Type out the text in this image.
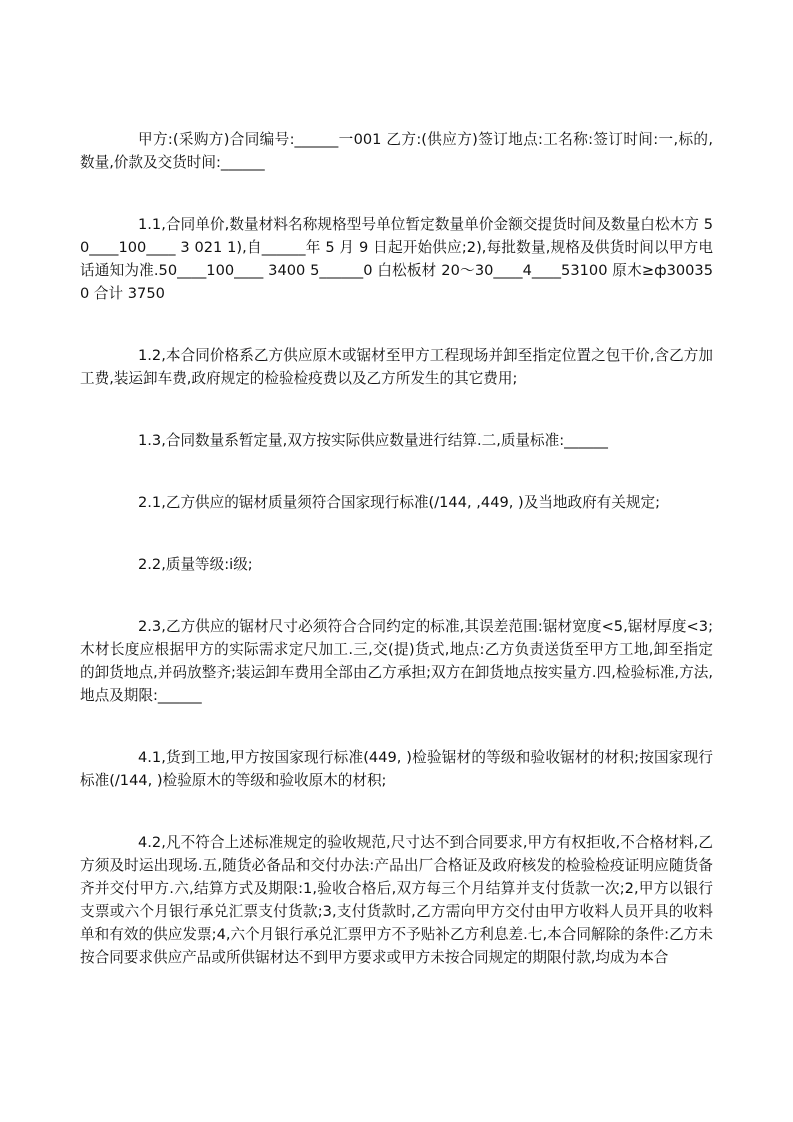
甲方:(采购方)合同编号:______一001 乙方:(供应方)签订地点:工名称:签订时间:一,标的,数量,价款及交货时间:______

1.1,合同单价,数量材料名称规格型号单位暂定数量单价金额交提货时间及数量白松木方 50____100____ 3 021 1),自______年 5 月 9 日起开始供应;2),每批数量,规格及供货时间以甲方电话通知为准.50____100____ 3400 5______0 白松板材 20～30____4____53100 原木≥ф300350 合计 3750

1.2,本合同价格系乙方供应原木或锯材至甲方工程现场并卸至指定位置之包干价,含乙方加工费,装运卸车费,政府规定的检验检疫费以及乙方所发生的其它费用;

1.3,合同数量系暂定量,双方按实际供应数量进行结算.二,质量标准:______

2.1,乙方供应的锯材质量须符合国家现行标准(/144, ,449, )及当地政府有关规定;

2.2,质量等级:ⅰ级;

2.3,乙方供应的锯材尺寸必须符合合同约定的标准,其误差范围:锯材宽度<5,锯材厚度<3;木材长度应根据甲方的实际需求定尺加工.三,交(提)货式,地点:乙方负责送货至甲方工地,卸至指定的卸货地点,并码放整齐;装运卸车费用全部由乙方承担;双方在卸货地点按实量方.四,检验标准,方法,地点及期限:______

4.1,货到工地,甲方按国家现行标准(449, )检验锯材的等级和验收锯材的材积;按国家现行标准(/144, )检验原木的等级和验收原木的材积;

4.2,凡不符合上述标准规定的验收规范,尺寸达不到合同要求,甲方有权拒收,不合格材料,乙方须及时运出现场.五,随货必备品和交付办法:产品出厂合格证及政府核发的检验检疫证明应随货备齐并交付甲方.六,结算方式及期限:1,验收合格后,双方每三个月结算并支付货款一次;2,甲方以银行 支票或六个月银行承兑汇票支付货款;3,支付货款时,乙方需向甲方交付由甲方收料人员开具的收料单和有效的供应发票;4,六个月银行承兑汇票甲方不予贴补乙方利息差.七,本合同解除的条件:乙方未按合同要求供应产品或所供锯材达不到甲方要求或甲方未按合同规定的期限付款,均成为本合
